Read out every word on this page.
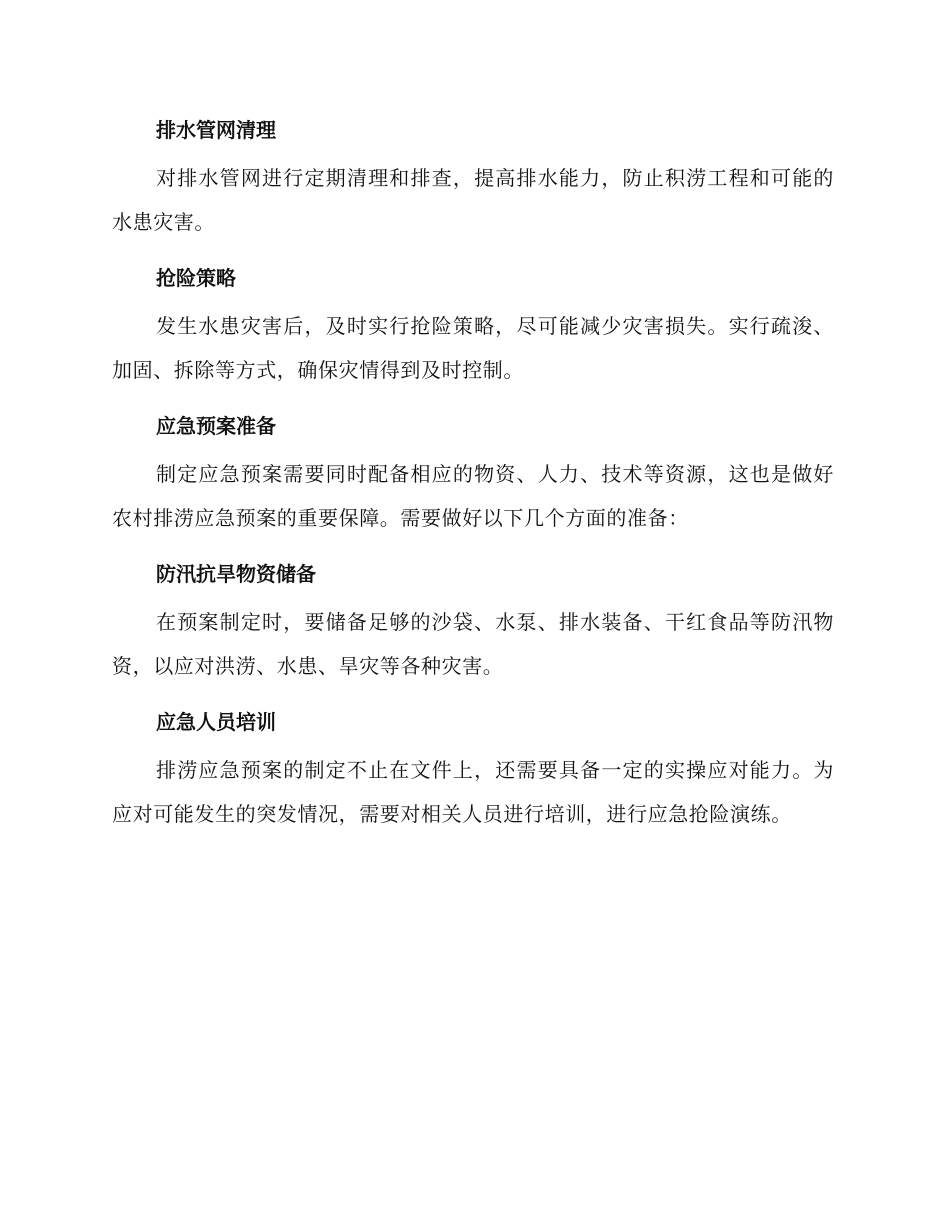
排水管网清理

对排水管网进行定期清理和排查，提高排水能力，防止积涝工程和可能的水患灾害。

抢险策略

发生水患灾害后，及时实行抢险策略，尽可能减少灾害损失。实行疏浚、加固、拆除等方式，确保灾情得到及时控制。

应急预案准备

制定应急预案需要同时配备相应的物资、人力、技术等资源，这也是做好农村排涝应急预案的重要保障。需要做好以下几个方面的准备：

防汛抗旱物资储备

在预案制定时，要储备足够的沙袋、水泵、排水装备、干红食品等防汛物资，以应对洪涝、水患、旱灾等各种灾害。

应急人员培训

排涝应急预案的制定不止在文件上，还需要具备一定的实操应对能力。为应对可能发生的突发情况，需要对相关人员进行培训，进行应急抢险演练。
